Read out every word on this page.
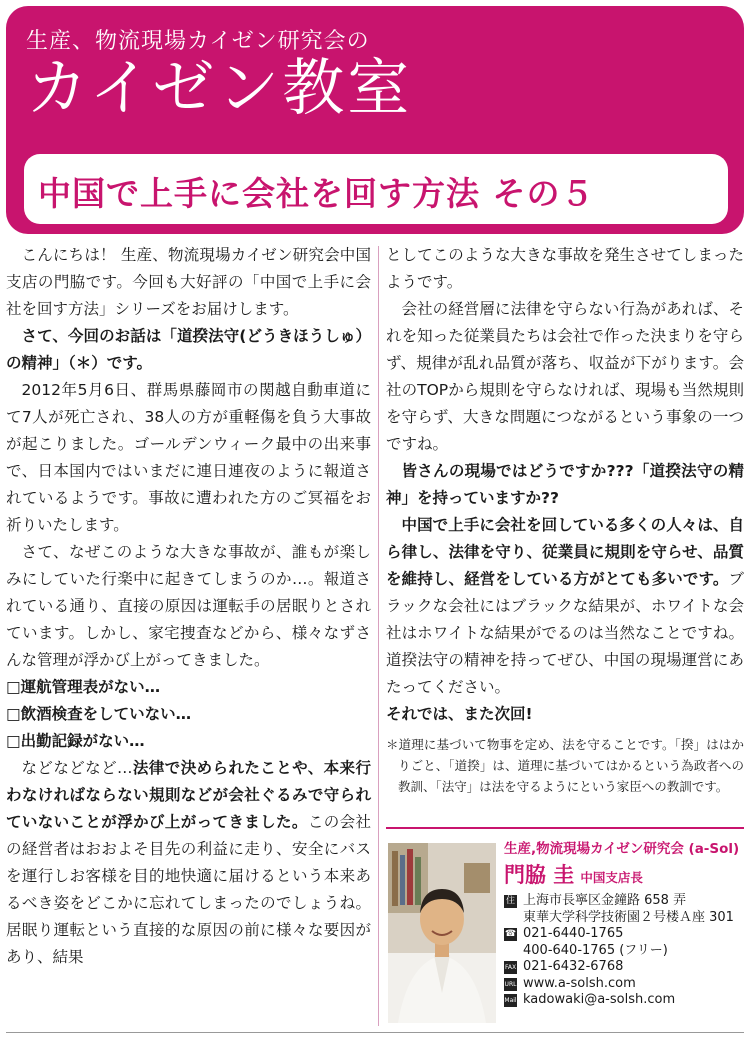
生産、物流現場カイゼン研究会の
カイゼン教室
中国で上手に会社を回す方法 その５

こんにちは！ 生産、物流現場カイゼン研究会中国支店の門脇です。今回も大好評の「中国で上手に会社を回す方法」シリーズをお届けします。

さて、今回のお話は「道揆法守(どうきほうしゅ）の精神」（＊）です。

2012年5月6日、群馬県藤岡市の関越自動車道にて7人が死亡され、38人の方が重軽傷を負う大事故が起こりました。ゴールデンウィーク最中の出来事で、日本国内ではいまだに連日連夜のように報道されているようです。事故に遭われた方のご冥福をお祈りいたします。

さて、なぜこのような大きな事故が、誰もが楽しみにしていた行楽中に起きてしまうのか…。報道されている通り、直接の原因は運転手の居眠りとされています。しかし、家宅捜査などから、様々なずさんな管理が浮かび上がってきました。

□運航管理表がない…
□飲酒検査をしていない…
□出勤記録がない…

などなどなど…法律で決められたことや、本来行わなければならない規則などが会社ぐるみで守られていないことが浮かび上がってきました。この会社の経営者はおおよそ目先の利益に走り、安全にバスを運行しお客様を目的地快適に届けるという本来あるべき姿をどこかに忘れてしまったのでしょうね。居眠り運転という直接的な原因の前に様々な要因があり、結果

としてこのような大きな事故を発生させてしまったようです。

会社の経営層に法律を守らない行為があれば、それを知った従業員たちは会社で作った決まりを守らず、規律が乱れ品質が落ち、収益が下がります。会社のTOPから規則を守らなければ、現場も当然規則を守らず、大きな問題につながるという事象の一つですね。

皆さんの現場ではどうですか???「道揆法守の精神」を持っていますか??

中国で上手に会社を回している多くの人々は、自ら律し、法律を守り、従業員に規則を守らせ、品質を維持し、経営をしている方がとても多いです。ブラックな会社にはブラックな結果が、ホワイトな会社はホワイトな結果がでるのは当然なことですね。道揆法守の精神を持ってぜひ、中国の現場運営にあたってください。

それでは、また次回!

＊道理に基づいて物事を定め、法を守ることです。「揆」ははかりごと、「道揆」は、道理に基づいてはかるという為政者への教訓、「法守」は法を守るようにという家臣への教訓です。
生産,物流現場カイゼン研究会 (a-Sol)
門脇 圭 中国支店長
住 上海市長寧区金鐘路 658 弄
東華大学科学技術園２号楼Ａ座 301
☎ 021-6440-1765
400-640-1765 (フリー)
FAX 021-6432-6768
URL www.a-solsh.com
Mail kadowaki@a-solsh.com
